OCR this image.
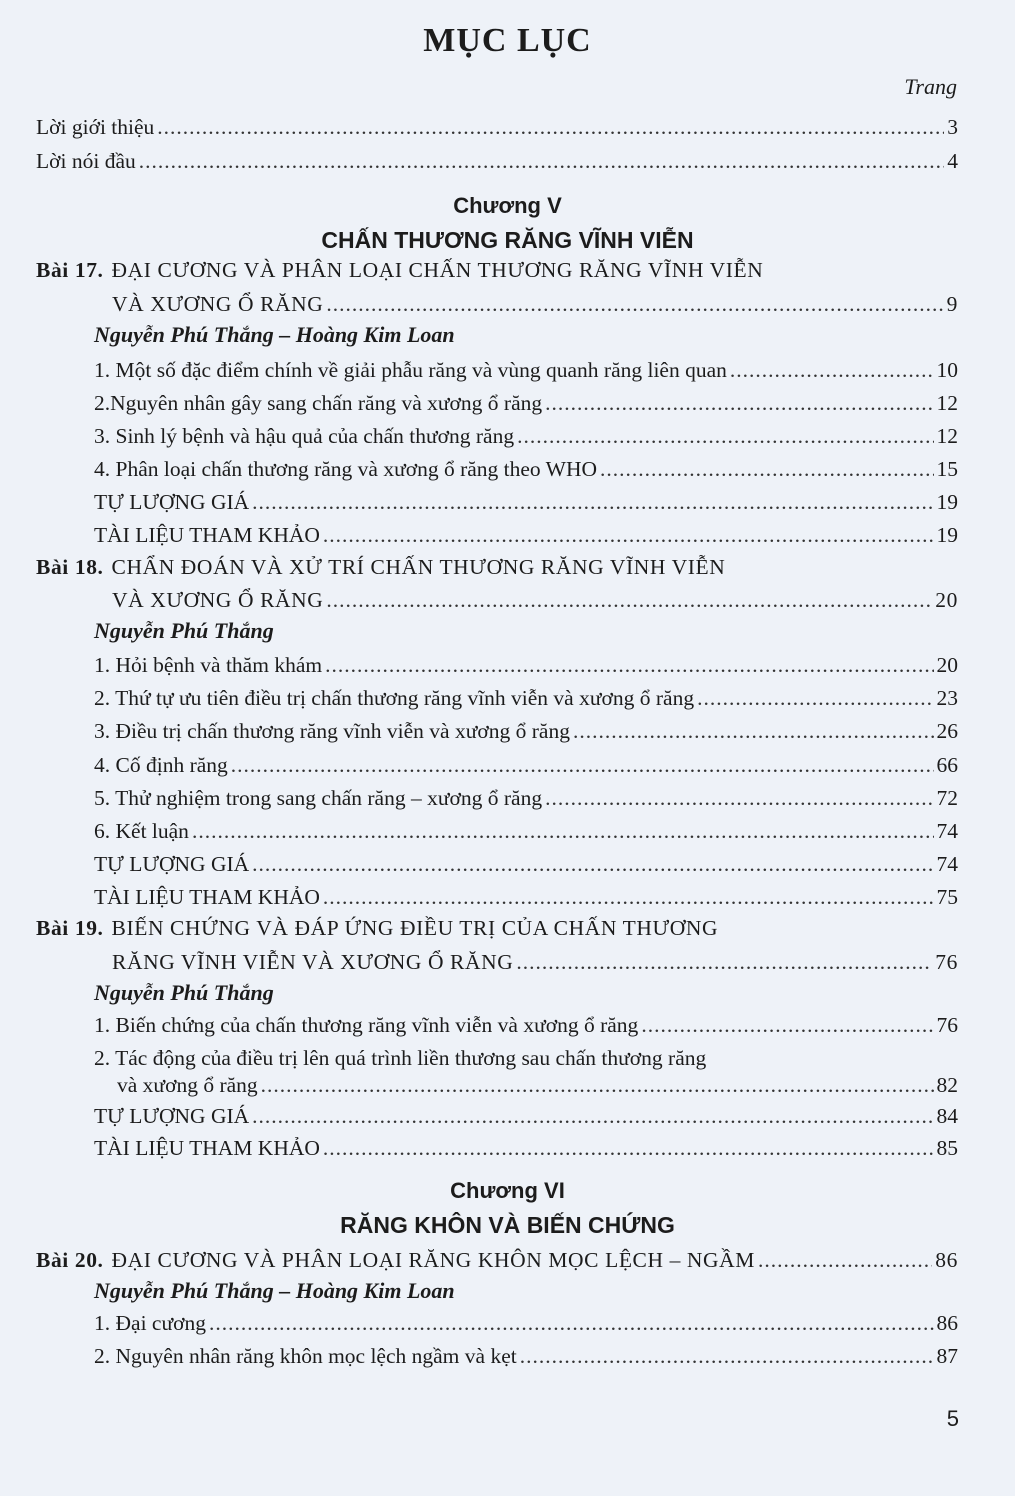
MỤC LỤC
Trang
Lời giới thiệu .....	3
Lời nói đầu .....	4
Chương V
CHẤN THƯƠNG RĂNG VĨNH VIỄN
Bài 17. ĐẠI CƯƠNG VÀ PHÂN LOẠI CHẤN THƯƠNG RĂNG VĨNH VIỄN
VÀ XƯƠNG Ổ RĂNG .....	9
Nguyễn Phú Thắng – Hoàng Kim Loan
1. Một số đặc điểm chính về giải phẫu răng và vùng quanh răng liên quan .....	10
2.Nguyên nhân gây sang chấn răng và xương ổ răng .....	12
3. Sinh lý bệnh và hậu quả của chấn thương răng .....	12
4. Phân loại chấn thương răng và xương ổ răng theo WHO .....	15
TỰ LƯỢNG GIÁ .....	19
TÀI LIỆU THAM KHẢO .....	19
Bài 18. CHẨN ĐOÁN VÀ XỬ TRÍ CHẤN THƯƠNG RĂNG VĨNH VIỄN
VÀ XƯƠNG Ổ RĂNG .....	20
Nguyễn Phú Thắng
1. Hỏi bệnh và thăm khám .....	20
2. Thứ tự ưu tiên điều trị chấn thương răng vĩnh viễn và xương ổ răng .....	23
3. Điều trị chấn thương răng vĩnh viễn và xương ổ răng .....	26
4. Cố định răng .....	66
5. Thử nghiệm trong sang chấn răng – xương ổ răng .....	72
6. Kết luận .....	74
TỰ LƯỢNG GIÁ .....	74
TÀI LIỆU THAM KHẢO .....	75
Bài 19. BIẾN CHỨNG VÀ ĐÁP ỨNG ĐIỀU TRỊ CỦA CHẤN THƯƠNG
RĂNG VĨNH VIỄN VÀ XƯƠNG Ổ RĂNG .....	76
Nguyễn Phú Thắng
1. Biến chứng của chấn thương răng vĩnh viễn và xương ổ răng .....	76
2. Tác động của điều trị lên quá trình liền thương sau chấn thương răng
và xương ổ răng .....	82
TỰ LƯỢNG GIÁ .....	84
TÀI LIỆU THAM KHẢO .....	85
Chương VI
RĂNG KHÔN VÀ BIẾN CHỨNG
Bài 20. ĐẠI CƯƠNG VÀ PHÂN LOẠI RĂNG KHÔN MỌC LỆCH – NGẦM .....	86
Nguyễn Phú Thắng – Hoàng Kim Loan
1. Đại cương .....	86
2. Nguyên nhân răng khôn mọc lệch ngầm và kẹt .....	87
5
